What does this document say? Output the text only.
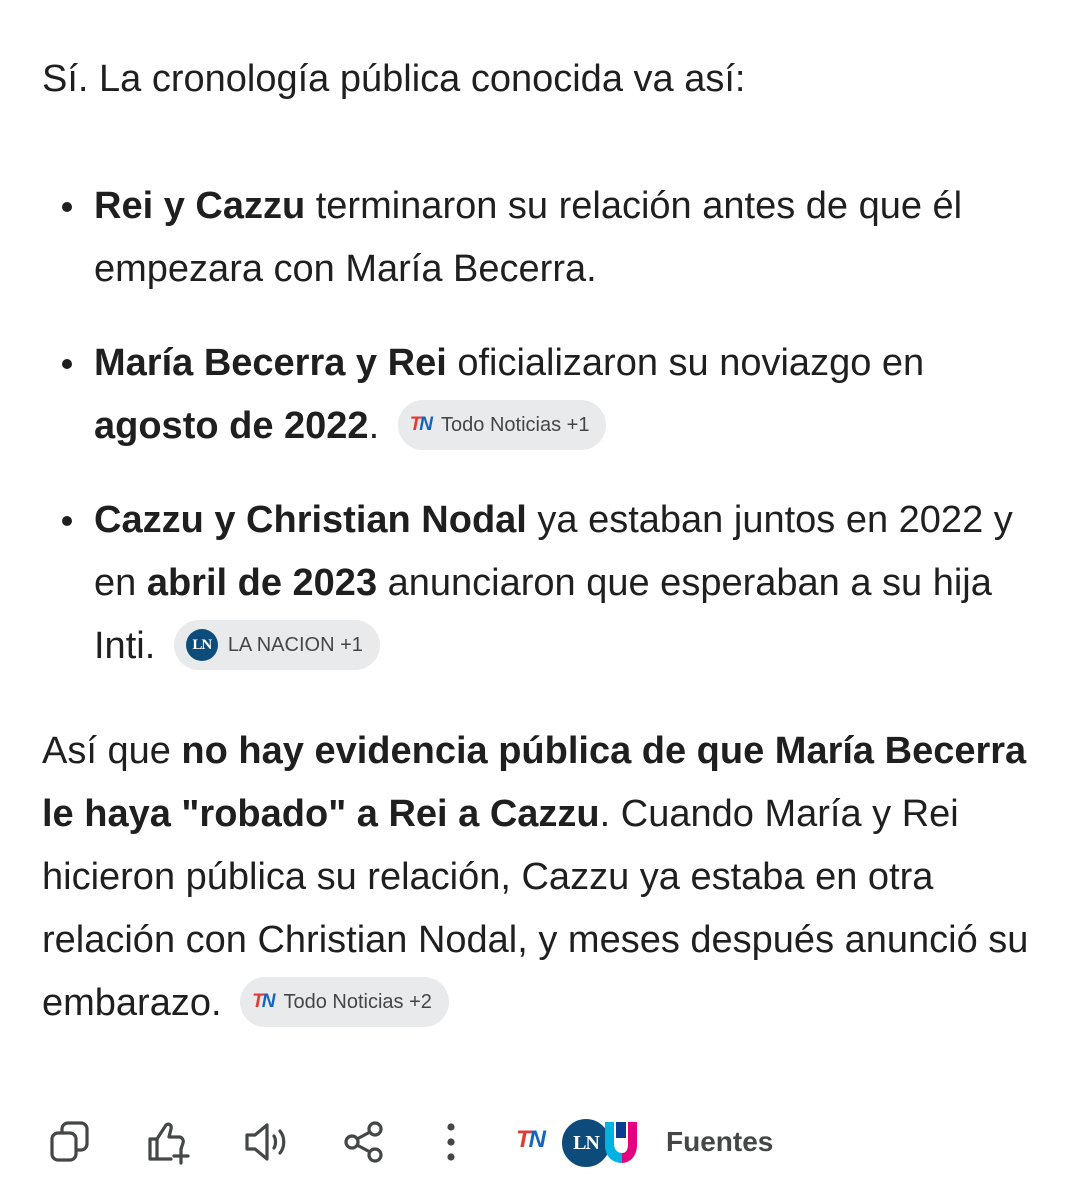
Sí. La cronología pública conocida va así:

Rei y Cazzu terminaron su relación antes de que él empezara con María Becerra.
María Becerra y Rei oficializaron su noviazgo en agosto de 2022. TN Todo Noticias +1
Cazzu y Christian Nodal ya estaban juntos en 2022 y en abril de 2023 anunciaron que esperaban a su hija Inti.	LN LA NACION +1

Así que no hay evidencia pública de que María Becerra le haya "robado" a Rei a Cazzu. Cuando María y Rei hicieron pública su relación, Cazzu ya estaba en otra relación con Christian Nodal, y meses después anunció su embarazo. TN Todo Noticias +2

TN	LN	Fuentes
